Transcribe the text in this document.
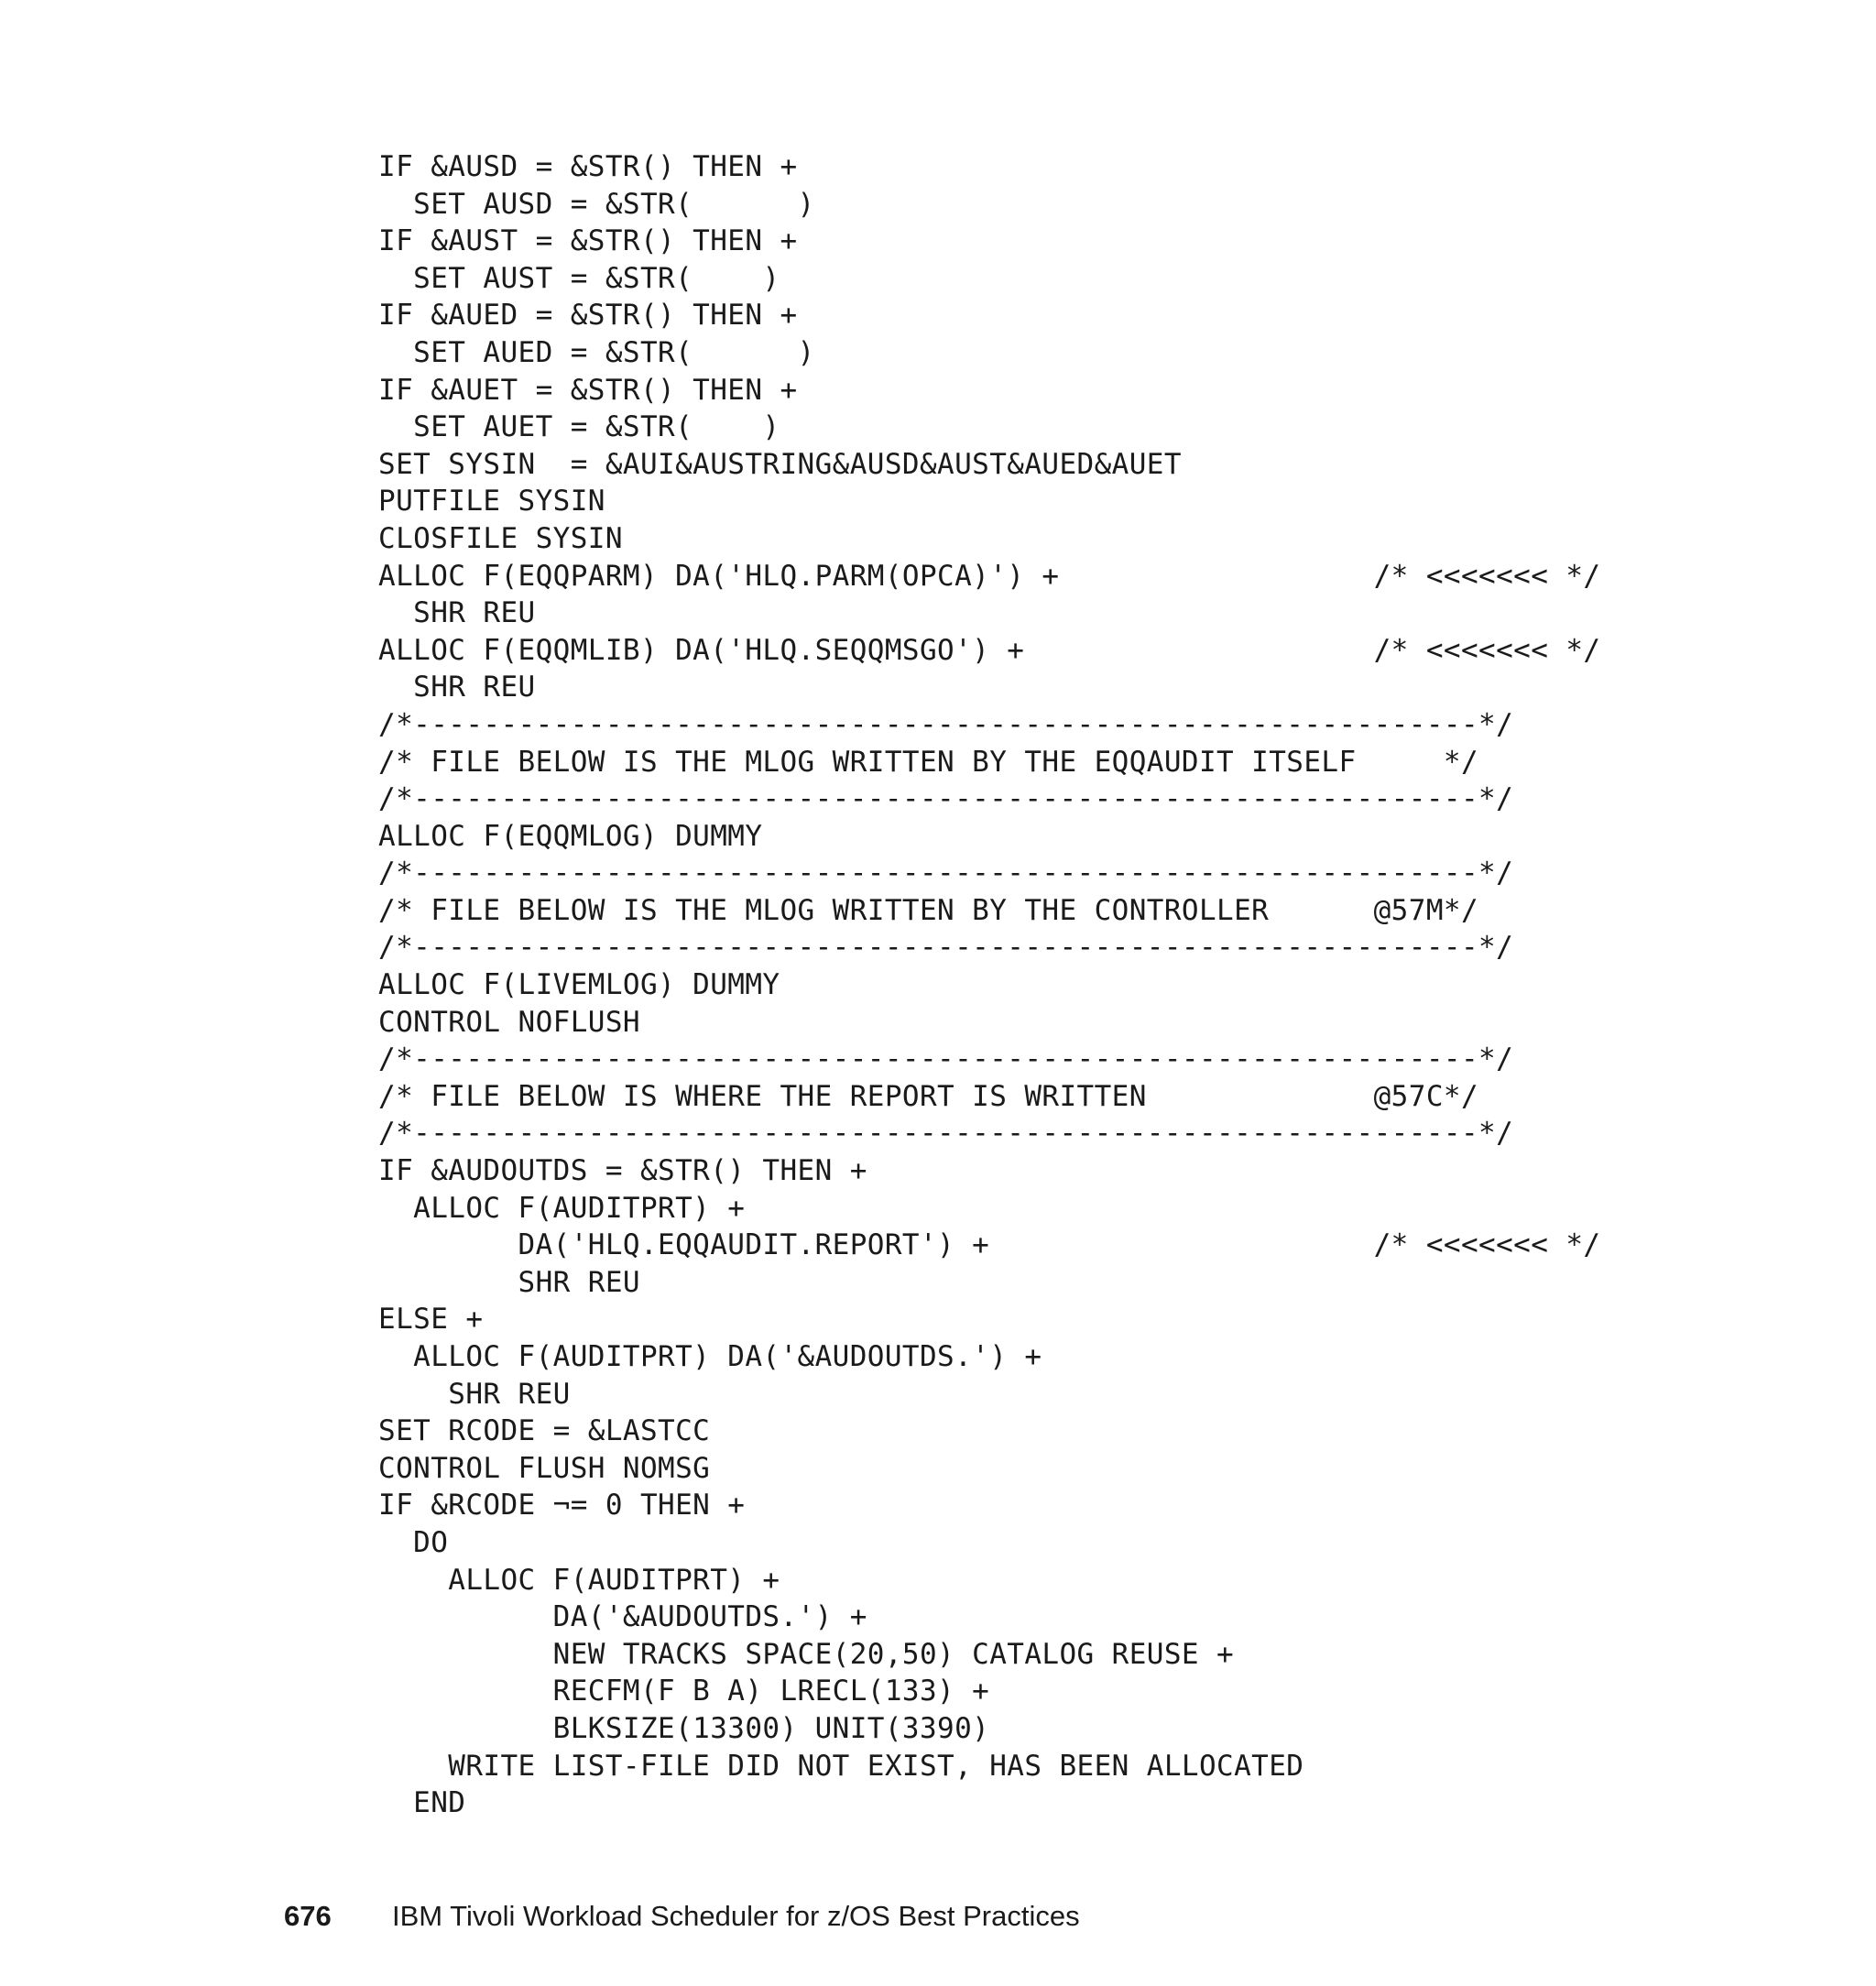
IF &AUSD = &STR() THEN +
SET AUSD = &STR(      )
IF &AUST = &STR() THEN +
SET AUST = &STR(    )
IF &AUED = &STR() THEN +
SET AUED = &STR(      )
IF &AUET = &STR() THEN +
SET AUET = &STR(    )
SET SYSIN  = &AUI&AUSTRING&AUSD&AUST&AUED&AUET
PUTFILE SYSIN
CLOSFILE SYSIN
ALLOC F(EQQPARM) DA('HLQ.PARM(OPCA)') +                  /* <<<<<<< */
SHR REU
ALLOC F(EQQMLIB) DA('HLQ.SEQQMSGO') +                    /* <<<<<<< */
SHR REU
/*-------------------------------------------------------------*/
/* FILE BELOW IS THE MLOG WRITTEN BY THE EQQAUDIT ITSELF     */
/*-------------------------------------------------------------*/
ALLOC F(EQQMLOG) DUMMY
/*-------------------------------------------------------------*/
/* FILE BELOW IS THE MLOG WRITTEN BY THE CONTROLLER      @57M*/
/*-------------------------------------------------------------*/
ALLOC F(LIVEMLOG) DUMMY
CONTROL NOFLUSH
/*-------------------------------------------------------------*/
/* FILE BELOW IS WHERE THE REPORT IS WRITTEN             @57C*/
/*-------------------------------------------------------------*/
IF &AUDOUTDS = &STR() THEN +
ALLOC F(AUDITPRT) +
DA('HLQ.EQQAUDIT.REPORT') +                      /* <<<<<<< */
SHR REU
ELSE +
ALLOC F(AUDITPRT) DA('&AUDOUTDS.') +
SHR REU
SET RCODE = &LASTCC
CONTROL FLUSH NOMSG
IF &RCODE ¬= 0 THEN +
DO
ALLOC F(AUDITPRT) +
DA('&AUDOUTDS.') +
NEW TRACKS SPACE(20,50) CATALOG REUSE +
RECFM(F B A) LRECL(133) +
BLKSIZE(13300) UNIT(3390)
WRITE LIST-FILE DID NOT EXIST, HAS BEEN ALLOCATED
END
676	IBM Tivoli Workload Scheduler for z/OS Best Practices
